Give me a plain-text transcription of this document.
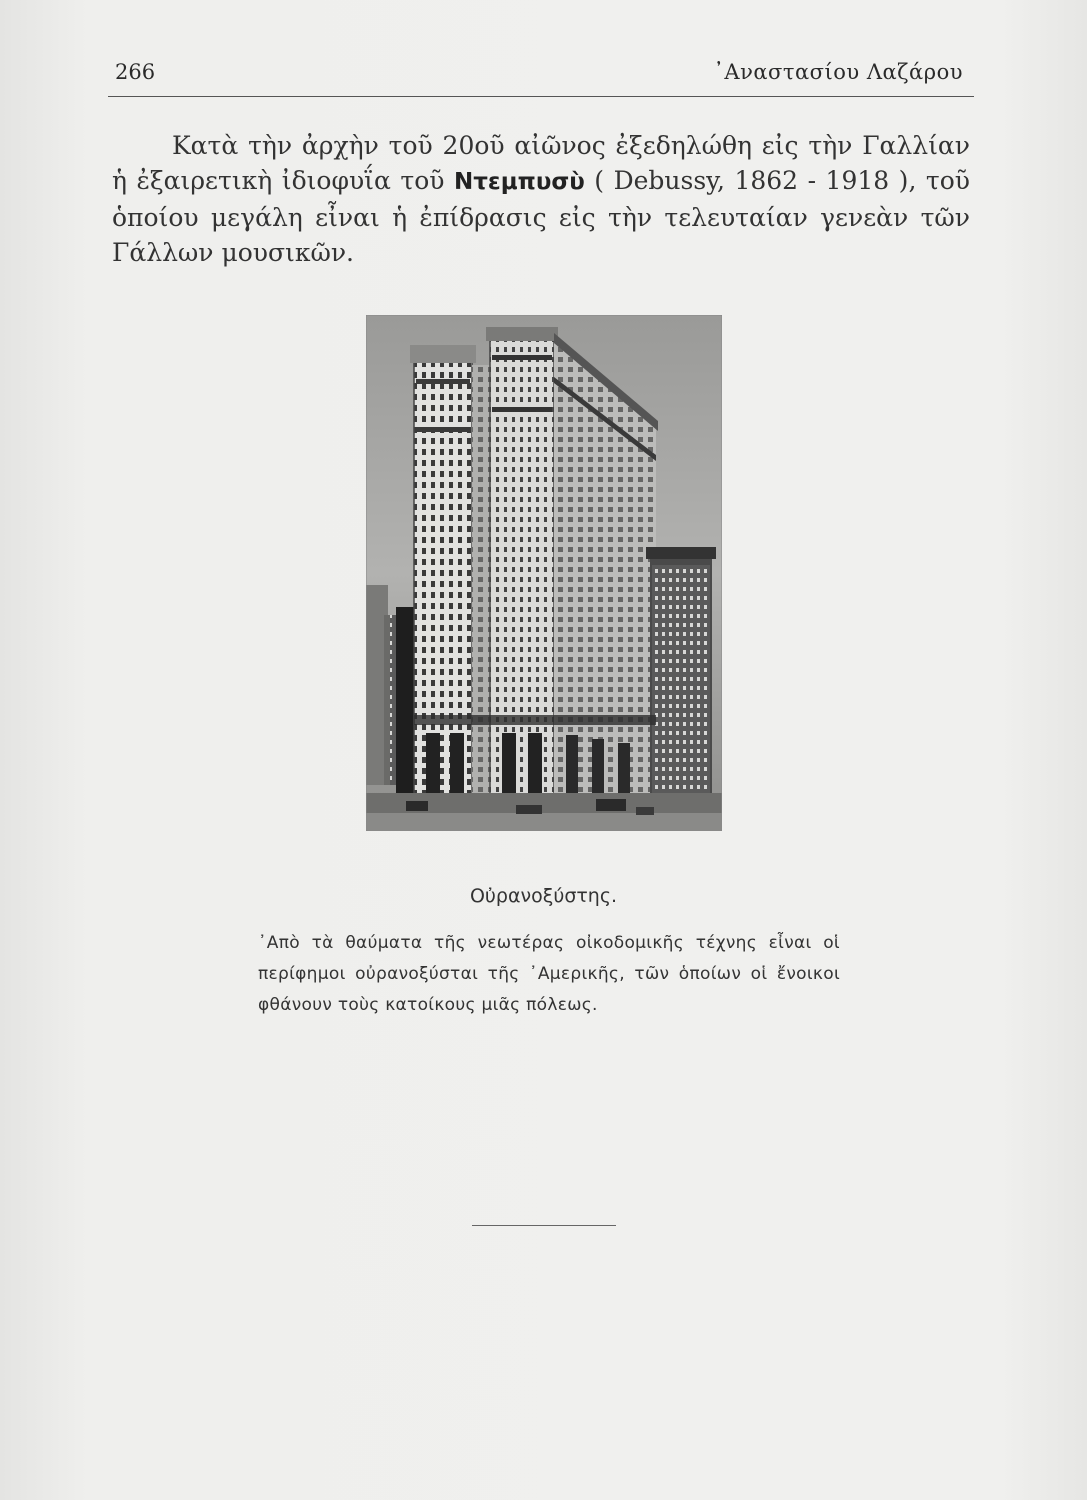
266	᾽Αναστασίου Λαζάρου

Κατὰ τὴν ἀρχὴν τοῦ 20οῦ αἰῶνος ἐξεδηλώθη εἰς τὴν Γαλλίαν ἡ ἐξαιρετικὴ ἰδιοφυΐα τοῦ Ντεμπυσὺ ( Debussy, 1862 - 1918 ), τοῦ ὁποίου μεγάλη εἶναι ἡ ἐπίδρασις εἰς τὴν τελευταίαν γενεὰν τῶν Γάλλων μουσικῶν.

Οὐρανοξύστης.

᾽Απὸ τὰ θαύματα τῆς νεωτέρας οἰκοδομικῆς τέχνης εἶναι οἱ περίφημοι οὐρανοξύσται τῆς ᾽Αμερικῆς, τῶν ὁποίων οἱ ἔνοικοι φθάνουν τοὺς κατοίκους μιᾶς πόλεως.
